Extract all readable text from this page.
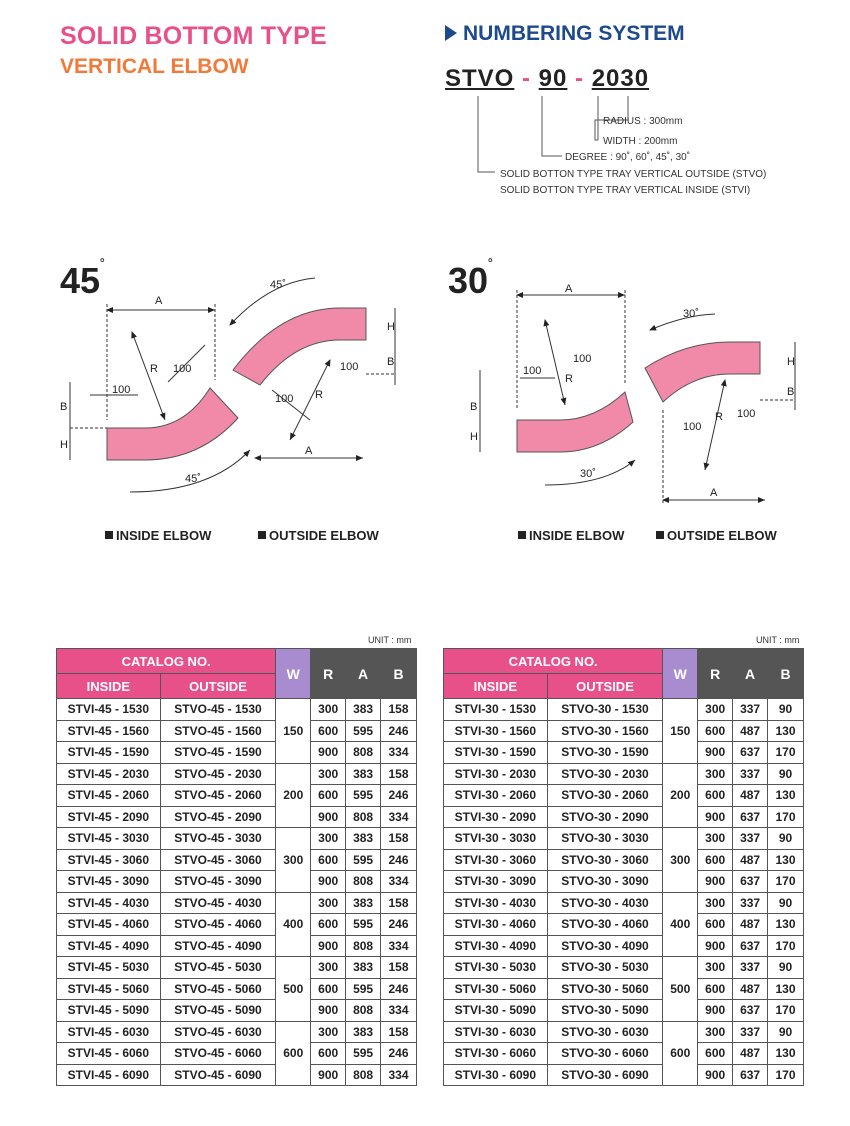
SOLID BOTTOM TYPE
VERTICAL ELBOW
NUMBERING SYSTEM
STVO - 90 - 2030
RADIUS : 300mm
WIDTH : 200mm
DEGREE : 90˚, 60˚, 45˚, 30˚
SOLID BOTTON TYPE TRAY VERTICAL OUTSIDE (STVO)
SOLID BOTTON TYPE TRAY VERTICAL INSIDE (STVI)
45˚	30˚
A
R 100
100
B
H
45˚
A
R
100
100
H
B
45˚	A
R
100
100
B
H
30˚
A
R 100
100
H
B
30˚
INSIDE ELBOW	OUTSIDE ELBOW	INSIDE ELBOW	OUTSIDE ELBOW
UNIT : mm	UNIT : mm
CATALOG NO.		W	R	A	B
INSIDE	OUTSIDE				
STVI-45 - 1530	STVO-45 - 1530	150	300	383	158
STVI-45 - 1560	STVO-45 - 1560		600	595	246
STVI-45 - 1590	STVO-45 - 1590		900	808	334
STVI-45 - 2030	STVO-45 - 2030	200	300	383	158
STVI-45 - 2060	STVO-45 - 2060		600	595	246
STVI-45 - 2090	STVO-45 - 2090		900	808	334
STVI-45 - 3030	STVO-45 - 3030	300	300	383	158
STVI-45 - 3060	STVO-45 - 3060		600	595	246
STVI-45 - 3090	STVO-45 - 3090		900	808	334
STVI-45 - 4030	STVO-45 - 4030	400	300	383	158
STVI-45 - 4060	STVO-45 - 4060		600	595	246
STVI-45 - 4090	STVO-45 - 4090		900	808	334
STVI-45 - 5030	STVO-45 - 5030	500	300	383	158
STVI-45 - 5060	STVO-45 - 5060		600	595	246
STVI-45 - 5090	STVO-45 - 5090		900	808	334
STVI-45 - 6030	STVO-45 - 6030	600	300	383	158
STVI-45 - 6060	STVO-45 - 6060		600	595	246
STVI-45 - 6090	STVO-45 - 6090		900	808	334
CATALOG NO.		W	R	A	B
INSIDE	OUTSIDE				
STVI-30 - 1530	STVO-30 - 1530	150	300	337	90
STVI-30 - 1560	STVO-30 - 1560		600	487	130
STVI-30 - 1590	STVO-30 - 1590		900	637	170
STVI-30 - 2030	STVO-30 - 2030	200	300	337	90
STVI-30 - 2060	STVO-30 - 2060		600	487	130
STVI-30 - 2090	STVO-30 - 2090		900	637	170
STVI-30 - 3030	STVO-30 - 3030	300	300	337	90
STVI-30 - 3060	STVO-30 - 3060		600	487	130
STVI-30 - 3090	STVO-30 - 3090		900	637	170
STVI-30 - 4030	STVO-30 - 4030	400	300	337	90
STVI-30 - 4060	STVO-30 - 4060		600	487	130
STVI-30 - 4090	STVO-30 - 4090		900	637	170
STVI-30 - 5030	STVO-30 - 5030	500	300	337	90
STVI-30 - 5060	STVO-30 - 5060		600	487	130
STVI-30 - 5090	STVO-30 - 5090		900	637	170
STVI-30 - 6030	STVO-30 - 6030	600	300	337	90
STVI-30 - 6060	STVO-30 - 6060		600	487	130
STVI-30 - 6090	STVO-30 - 6090		900	637	170
